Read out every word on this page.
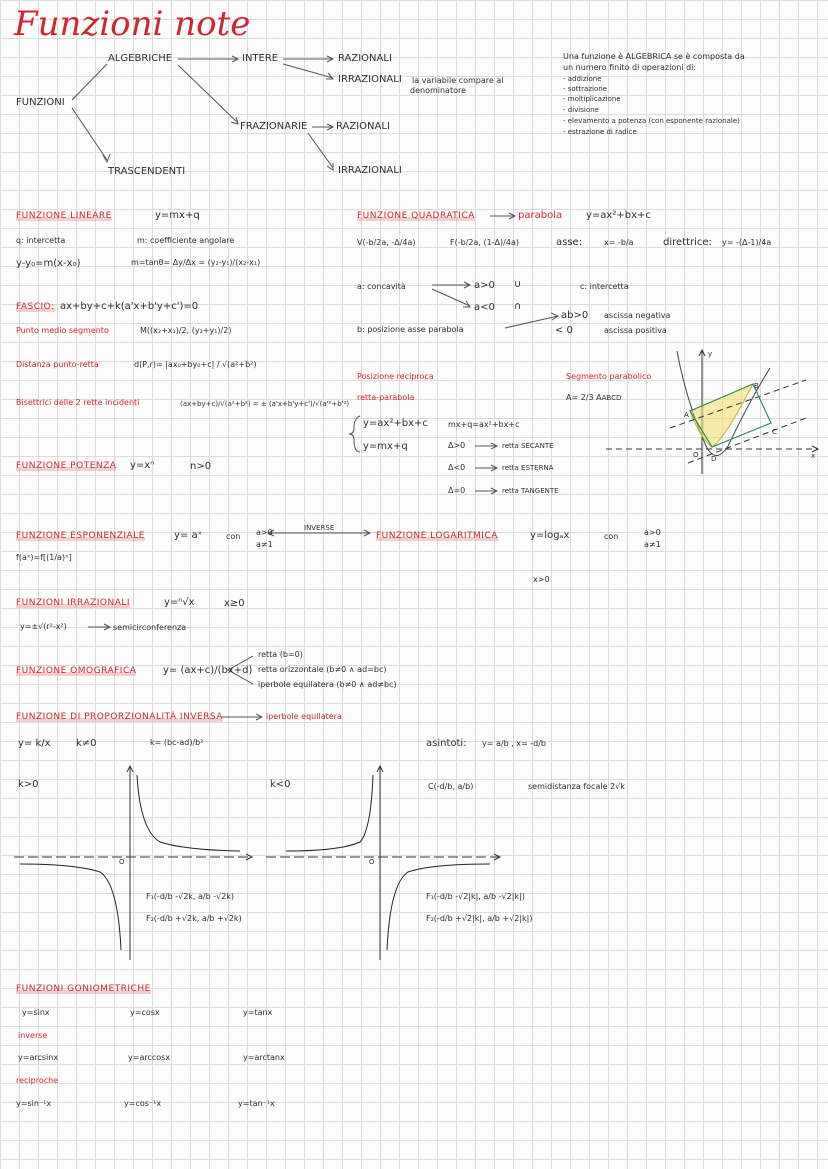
Funzioni note
FUNZIONI
ALGEBRICHE
TRASCENDENTI
INTERE
FRAZIONARIE
RAZIONALI
IRRAZIONALI la variabile compare al
denominatore
RAZIONALI
IRRAZIONALI
Una funzione è ALGEBRICA se è composta da
un numero finito di operazioni di:
- addizione
- sottrazione
- moltiplicazione
- divisione
- elevamento a potenza (con esponente razionale)
- estrazione di radice
FUNZIONE LINEARE	y=mx+q
q: intercetta	m: coefficiente angolare
y-y₀=m(x-x₀)	m=tanθ= Δy/Δx = (y₂-y₁)/(x₂-x₁)
FASCIO: ax+by+c+k(a'x+b'y+c')=0
Punto medio segmento	M((x₂+x₁)/2, (y₂+y₁)/2)
Distanza punto-retta	d(P,r)= |ax₀+by₀+c| / √(a²+b²)
Bisettrici delle 2 rette incidenti	(ax+by+c)/√(a²+b²) = ± (a'x+b'y+c')/√(a'²+b'²)
FUNZIONE POTENZA y=xⁿ	n>0
FUNZIONE QUADRATICA	parabola y=ax²+bx+c
V(-b/2a, -Δ/4a)	F(-b/2a, (1-Δ)/4a)	asse:	x= -b/a	direttrice: y= -(Δ-1)/4a
a: concavità	a>0 ∪
a<0 ∩
c: intercetta
b: posizione asse parabola
ab>0 ascissa negativa
< 0	ascissa positiva
Posizione reciproca
retta-parabola
y=ax²+bx+c
y=mx+q
mx+q=ax²+bx+c
Δ>0	retta SECANTE
Δ<0	retta ESTERNA
Δ=0	retta TANGENTE
Segmento parabolico
A= 2/3 AABCD
y
x
O
A
B
C
D
FUNZIONE ESPONENZIALE	y= aˣ	con a>0
a≠1
INVERSE
f(aˣ)=f[(1/a)ˣ]
FUNZIONE LOGARITMICA	y=logₐx	con	a>0
a≠1
x>0
FUNZIONI IRRAZIONALI	y=ⁿ√x	x≥0
y=±√(r²-x²)	semicirconferenza
FUNZIONE OMOGRAFICA	y= (ax+c)/(bx+d)
retta (b=0)
retta orizzontale (b≠0 ∧ ad=bc)
iperbole equilatera (b≠0 ∧ ad≠bc)
FUNZIONE DI PROPORZIONALITÀ INVERSA	iperbole equilatera
y= k/x	k≠0	k= (bc-ad)/b²	asintoti: y= a/b , x= -d/b
C(-d/b, a/b)	semidistanza focale 2√k
k>0	k<0
O	O
F₁(-d/b -√2k, a/b -√2k)
F₂(-d/b +√2k, a/b +√2k)
F₁(-d/b -√2|k|, a/b -√2|k|)
F₂(-d/b +√2|k|, a/b +√2|k|)
FUNZIONI GONIOMETRICHE
y=sinx	y=cosx	y=tanx
inverse
y=arcsinx	y=arccosx	y=arctanx
reciproche
y=sin⁻¹x	y=cos⁻¹x	y=tan⁻¹x
